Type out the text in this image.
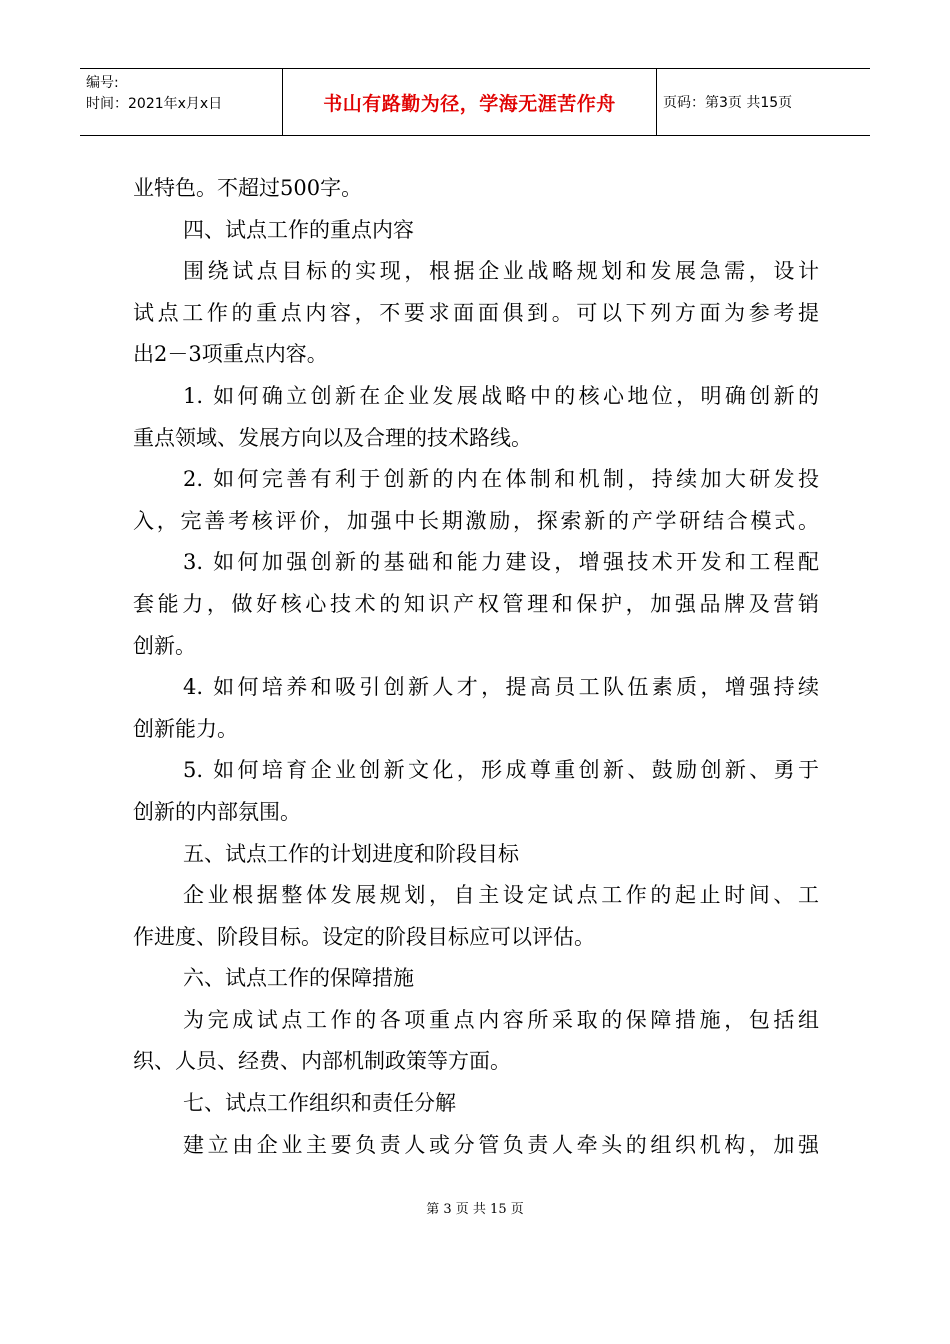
编号:
时间：2021年x月x日	书山有路勤为径，学海无涯苦作舟	页码：第3页 共15页
业特色。不超过500字。
四、试点工作的重点内容
围绕试点目标的实现，根据企业战略规划和发展急需，设计
试点工作的重点内容，不要求面面俱到。可以下列方面为参考提
出2－3项重点内容。
1. 如何确立创新在企业发展战略中的核心地位，明确创新的
重点领域、发展方向以及合理的技术路线。
2. 如何完善有利于创新的内在体制和机制，持续加大研发投
入，完善考核评价，加强中长期激励，探索新的产学研结合模式。
3. 如何加强创新的基础和能力建设，增强技术开发和工程配
套能力，做好核心技术的知识产权管理和保护，加强品牌及营销
创新。
4. 如何培养和吸引创新人才，提高员工队伍素质，增强持续
创新能力。
5. 如何培育企业创新文化，形成尊重创新、鼓励创新、勇于
创新的内部氛围。
五、试点工作的计划进度和阶段目标
企业根据整体发展规划，自主设定试点工作的起止时间、工
作进度、阶段目标。设定的阶段目标应可以评估。
六、试点工作的保障措施
为完成试点工作的各项重点内容所采取的保障措施，包括组
织、人员、经费、内部机制政策等方面。
七、试点工作组织和责任分解
建立由企业主要负责人或分管负责人牵头的组织机构，加强
第 3 页 共 15 页
